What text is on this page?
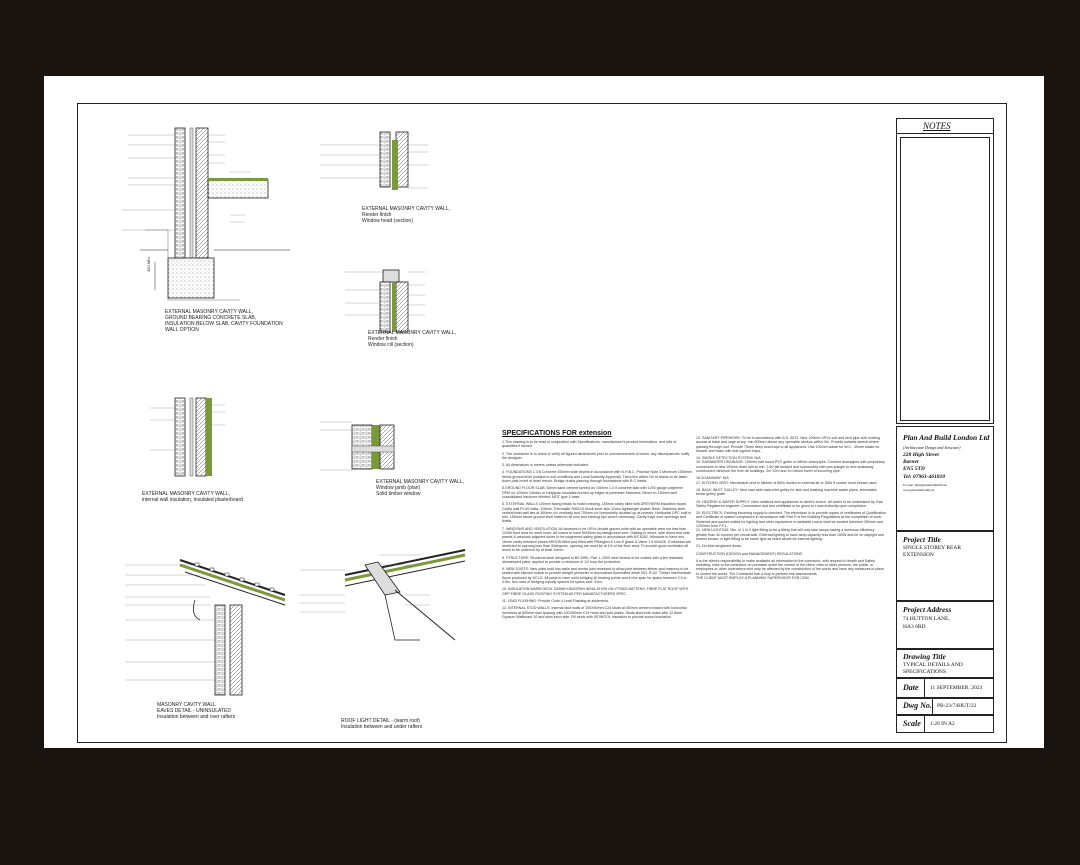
EXTERNAL MASONRY CAVITY WALL,
GROUND BEARING CONCRETE SLAB,
INSULATION BELOW SLAB, CAVITY FOUNDATION
WALL OPTION
450 MIN
EXTERNAL MASONRY CAVITY WALL,
Render finish
Window head (section)
EXTERNAL MASONRY CAVITY WALL,
Render finish
Window cill (section)
EXTERNAL MASONRY CAVITY WALL,
internal wall insulation, insulated plasterboard
EXTERNAL MASONRY CAVITY WALL,
Window jamb (plan)
Solid timber window
MASONRY CAVITY WALL
EAVES DETAIL - UNINSULATED
Insulation between and over rafters
ROOF LIGHT DETAIL - (warm roof)
Insulation between and under rafters
SPECIFICATIONS FOR extension
1.This drawing is to be read in conjunction with Specifications, manufacturer's product information, and bills of quantities if issued.
2. The contractor is to check & verify all figured dimensions prior to commencement of works, any discrepancies notify the designer.
3. All dimensions in meters unless otherwise indicated.
4. FOUNDATIONS 1:3:6 Concrete 450mm wide depths in accordance with N.H.B.C. Practice Note 3 Minimum 1000mm below ground level (subject to soil conditions and Local Authority Approval). Trenches within 1m of drains to be taken down past invert of drain trench. Bridge drains passing through foundations with R.C lintels.
5.GROUND FLOOR SLAB: 50mm sand cement screed on 100mm 1:2:4 concrete slab with 1200 gauge polythene DPM on 100mm Celotex or Kingspan insulation turned up edges at perimeter thickness 25mm on 150mm well consolidated hardcore blinded. MOT type 1 base.
6. EXTERNAL WALLS 100mm facing bricks to match existing, 150mm cavity filled with DRITHERM insulation board. Cavity wall PLUS batts. 100mm Thermalite SHIELD block inner skin 12mm lightweight plaster finish. Stainless steel vertical twist wall ties at 450mm c/c vertically and 750mm c/c horizontally doubled up at reveals. Horizontal DPC built in min. 150mm above ground level linked to all new and existing dpc where necessary. Cavity trays over openings and lintels.
7. WINDOWS AND VENTILATION: All windows to be UPVc double glazed units with an openable area not less than 1/20th floor area for each room. All rooms to have 8000mm sq background vent. Glazing to doors, side doors and side panels & windows adjacent doors to be toughened safety glass in accordance with BS 6262. Windows to have min. 16mm cavity between panes ARGON filled and fitted with Pilkington K Low-E glass U-Value 1.6 W/m2K. If windows are restricted to opening less than 30degrees, opening are must be at 1/4 of the floor area. To provide good ventilation all doors to be undercut by at least 10mm.
8. STRUCTURE: Structural steel designed to BS 5950, Part 1, 2000 steel beams to be coated with a fire retardant intumescent paint, applied to provide a minimum of 1/2 hour fire protection.
9. NEW JOISTS: New joists built into walls and mortar joint recessed to allow joint between timber and masonry to be sealed with silicone mastic to provide airtight perimeter in accordance Accredited detail MCI-IF-02. Timber intermediate floors produced by DCLG. All joists to have solid bridging @ bearing points and in the span for spans between 2.5 to 4.5m, two rows of bridging equally spaced for spans over 4.5m.
10. INSULATION WARM DECK 150MM KINGSPAN INSULATION ON VTS500 BATTENS, FIBRE FLAT ROOF WITH GRP FIBRE GLASS ROOFING SYSTEM AS PER MANUFACTURERS SPEC.
11. LEAD FLASHING: Provide Code 4 Lead Flashing at abutments.
12. INTERNAL STUD WALLS: Internal stud walls of 100X50mm C24 studs at 400mm centers braced with horizontal members at 600mm max spacing with 100X50mm C24 head and sole plates. Studs lined both sides with 12.5mm Gypsum Wallboard 10 and skim each side. Fill studs with ISOWOOL insulation to provide sound insulation.
13. SANITARY PIPEWORK: To be in accordance with B.S. 5572. New 100mm UPVc soil and vent pipe with rodding access at base and cage at top, min 900mm above any openable window within 3m. Provide suitable sleeve where passing through roof. Provide 75mm deep seal traps to all appliances. Use 100mm waste for W.C., 40mm waste for shower and basin with anti-syphon traps.
14. SMOKE DETECTION SYSTEM: N/A
15. RAINWATER DRAINAGE: 100mm half round PVC gutter to 68mm downpipes. Connect downpipes with proprietary connectors to new 100mm drain laid to min. 1:60 fall bedded and surrounded with pea shingle to new soakaway constructed minimum 5m from all buildings, 2m X2m and 1m below invert of incoming pipe.
16.SOAKAWAY: N/A
17. KITCHEN VENT: Mechanical vent to kitchen of 60l/s ducted to external air or 30l/s if cooker hood extract used.
18. BACK INLET GULLEY: New cast-able back-inlet gulley for sink and washing machine waste pipes, terminates below gulley grate.
19. HEATING & WATER SUPPLY: New radiators and appliances to client's choice. All works to be undertaken by Gas Safety Registered engineer. Commission and test certificate to be given to Local Authority upon completion.
20. ELECTRICS: Existing incoming supply to checked. The electrician is to provide copies of certificates of Qualification and Certificate of system compliance in accordance with Part P of the Building Regulations at the completion of work. Switches and socket outlets for lighting and other equipment in habitable rooms shall be located between 450mm and 1200mm from F.F.L.
21. NEW LIGHTING: Min. of 1 in 4 light fitting to be a fitting that will only take lamps having a luminous efficiency greater than 40 lumens per circuit-watt. External lighting to have lamp capacity less than 150W and be on daylight and motion sensor or light fitting to be same type as listed above for internal lighting.
21. No internal glazed doors.
CONSTRUCTION (DESIGN and MANAGEMENT) REGULATIONS
It is the client's responsibility to make available all information to the contractor, with respect to Health and Safety including: risks to the contractor on premises under the control of the client; risks to other persons, the public, or employees or other contractors who may be affected by the construction of the works and have any measures in place to control the works. The Contractor has a duty to perform risk assessments.
THE CLIENT MUST EMPLOY A PLANNING SUPERVISOR FOR CDM
NOTES
Plan And Build London Ltd
(Architecture Design and Structure)
228 High Street
Barnet
EN5 5TD
Tel: 07961-461810
E-mail: info@planandbuild.net
www.planandbuild.net
Project Title
SINGLE STOREY REAR
EXTENSION
Project Address
74 HUTTON LANE,
HA3 6RD
Drawing Title
TYPICAL DETAILS AND
SPECIFICATIONS
Date 11 SEPTEMBER, 2023
Dwg No. PB-23/74HUT/22
Scale 1:20 IN A2
